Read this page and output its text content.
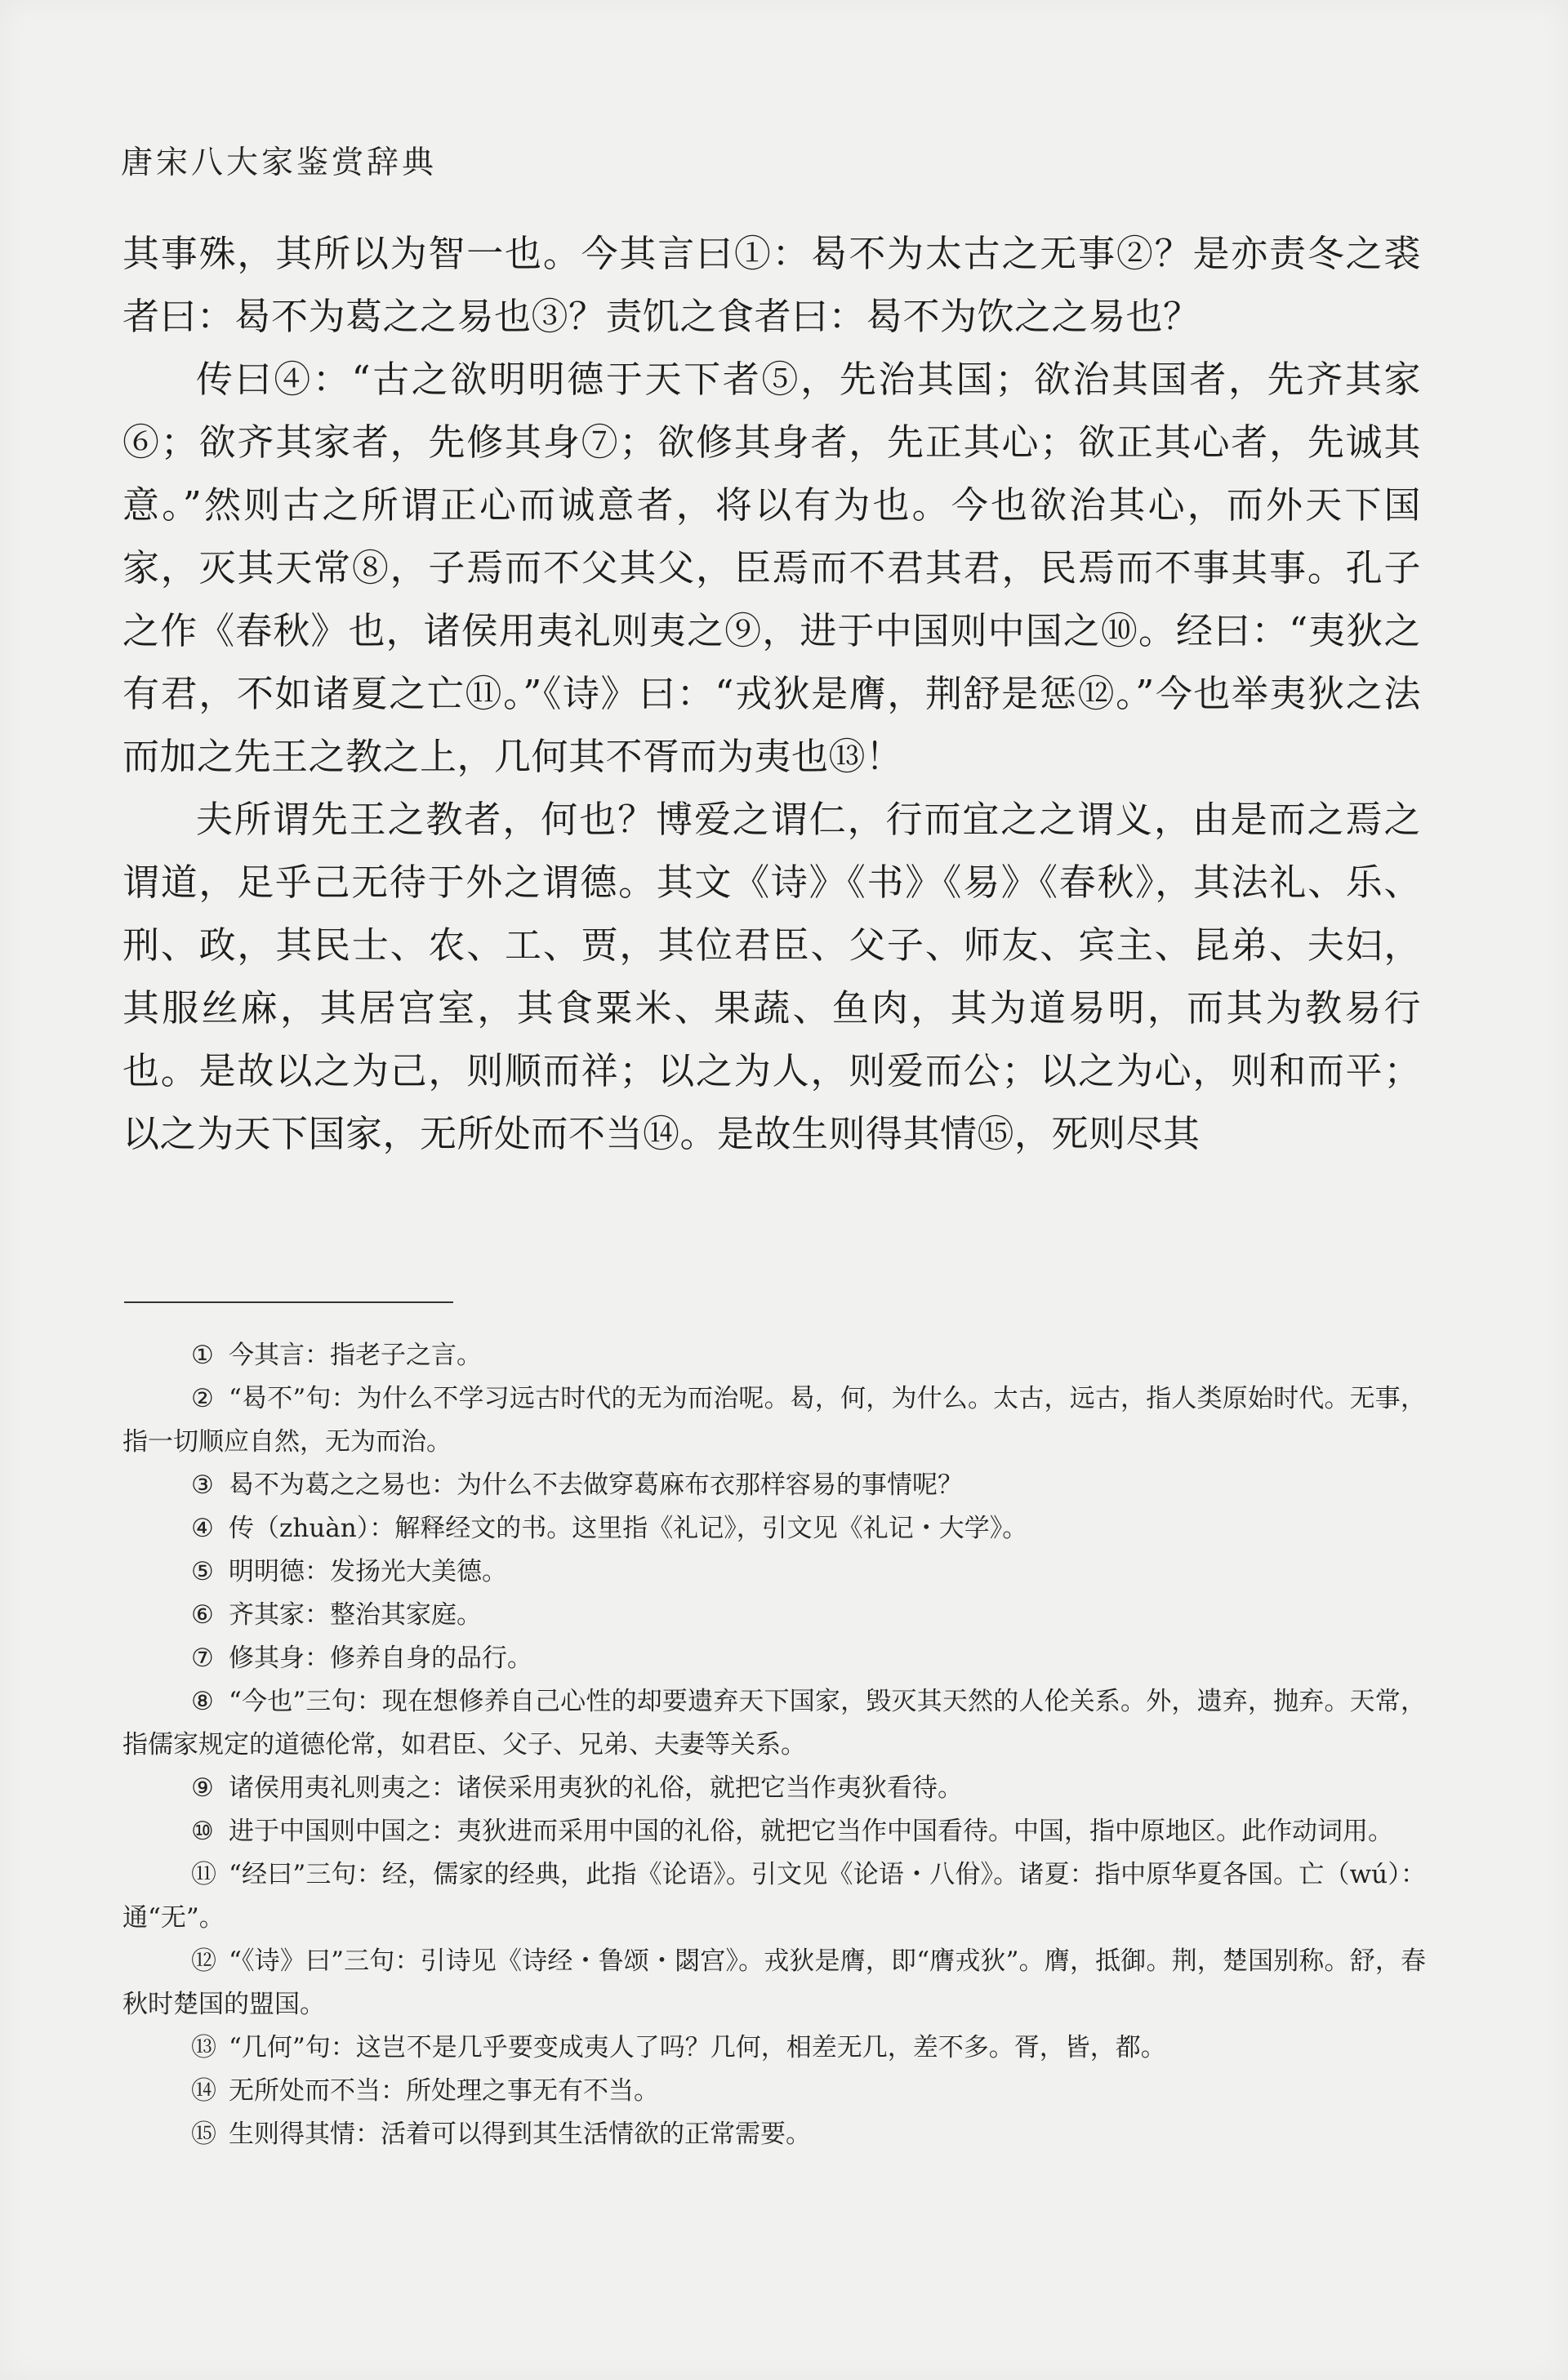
唐宋八大家鉴赏辞典

其事殊，其所以为智一也。今其言曰①：曷不为太古之无事②？是亦责冬之裘者曰：曷不为葛之之易也③？责饥之食者曰：曷不为饮之之易也？

传曰④：“古之欲明明德于天下者⑤，先治其国；欲治其国者，先齐其家⑥；欲齐其家者，先修其身⑦；欲修其身者，先正其心；欲正其心者，先诚其意。”然则古之所谓正心而诚意者，将以有为也。今也欲治其心，而外天下国家，灭其天常⑧，子焉而不父其父，臣焉而不君其君，民焉而不事其事。孔子之作《春秋》也，诸侯用夷礼则夷之⑨，进于中国则中国之⑩。经曰：“夷狄之有君，不如诸夏之亡⑪。”《诗》曰：“戎狄是膺，荆舒是惩⑫。”今也举夷狄之法而加之先王之教之上，几何其不胥而为夷也⑬！

夫所谓先王之教者，何也？博爱之谓仁，行而宜之之谓义，由是而之焉之谓道，足乎己无待于外之谓德。其文《诗》《书》《易》《春秋》，其法礼、乐、刑、政，其民士、农、工、贾，其位君臣、父子、师友、宾主、昆弟、夫妇，其服丝麻，其居宫室，其食粟米、果蔬、鱼肉，其为道易明，而其为教易行也。是故以之为己，则顺而祥；以之为人，则爱而公；以之为心，则和而平；以之为天下国家，无所处而不当⑭。是故生则得其情⑮，死则尽其

① 今其言：指老子之言。

② “曷不”句：为什么不学习远古时代的无为而治呢。曷，何，为什么。太古，远古，指人类原始时代。无事，指一切顺应自然，无为而治。

③ 曷不为葛之之易也：为什么不去做穿葛麻布衣那样容易的事情呢？

④ 传（zhuàn）：解释经文的书。这里指《礼记》，引文见《礼记・大学》。

⑤ 明明德：发扬光大美德。

⑥ 齐其家：整治其家庭。

⑦ 修其身：修养自身的品行。

⑧ “今也”三句：现在想修养自己心性的却要遗弃天下国家，毁灭其天然的人伦关系。外，遗弃，抛弃。天常，指儒家规定的道德伦常，如君臣、父子、兄弟、夫妻等关系。

⑨ 诸侯用夷礼则夷之：诸侯采用夷狄的礼俗，就把它当作夷狄看待。

⑩ 进于中国则中国之：夷狄进而采用中国的礼俗，就把它当作中国看待。中国，指中原地区。此作动词用。

⑪ “经曰”三句：经，儒家的经典，此指《论语》。引文见《论语・八佾》。诸夏：指中原华夏各国。亡（wú）：通“无”。

⑫ “《诗》曰”三句：引诗见《诗经・鲁颂・閟宫》。戎狄是膺，即“膺戎狄”。膺，抵御。荆，楚国别称。舒，春秋时楚国的盟国。

⑬ “几何”句：这岂不是几乎要变成夷人了吗？几何，相差无几，差不多。胥，皆，都。

⑭ 无所处而不当：所处理之事无有不当。

⑮ 生则得其情：活着可以得到其生活情欲的正常需要。
